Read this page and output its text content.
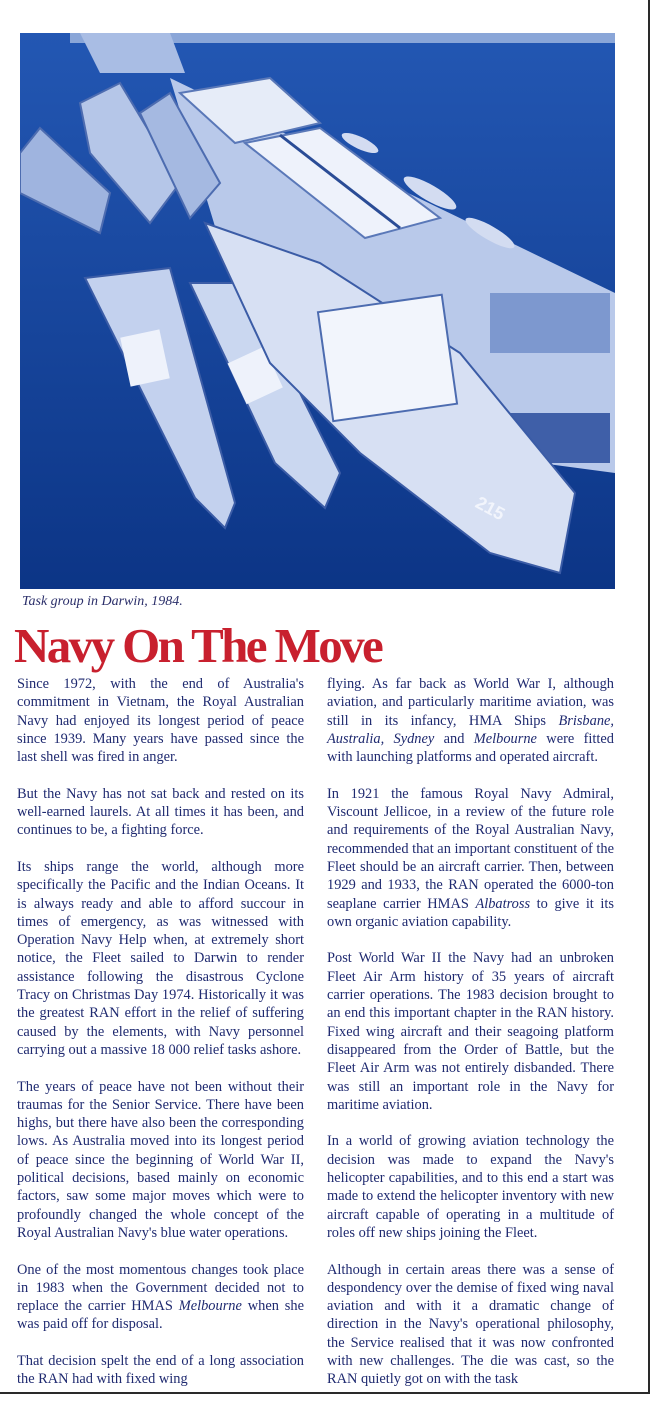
215
Task group in Darwin, 1984.
Navy On The Move

Since 1972, with the end of Australia's commitment in Vietnam, the Royal Australian Navy had enjoyed its longest period of peace since 1939. Many years have passed since the last shell was fired in anger.

But the Navy has not sat back and rested on its well-earned laurels. At all times it has been, and continues to be, a fighting force.

Its ships range the world, although more specifically the Pacific and the Indian Oceans. It is always ready and able to afford succour in times of emergency, as was witnessed with Operation Navy Help when, at extremely short notice, the Fleet sailed to Darwin to render assistance following the disastrous Cyclone Tracy on Christmas Day 1974. Historically it was the greatest RAN effort in the relief of suffering caused by the elements, with Navy personnel carrying out a massive 18 000 relief tasks ashore.

The years of peace have not been without their traumas for the Senior Service. There have been highs, but there have also been the corresponding lows. As Australia moved into its longest period of peace since the beginning of World War II, political decisions, based mainly on economic factors, saw some major moves which were to profoundly changed the whole concept of the Royal Australian Navy's blue water operations.

One of the most momentous changes took place in 1983 when the Government decided not to replace the carrier HMAS Melbourne when she was paid off for disposal.

That decision spelt the end of a long association the RAN had with fixed wing

flying. As far back as World War I, although aviation, and particularly maritime aviation, was still in its infancy, HMA Ships Brisbane, Australia, Sydney and Melbourne were fitted with launching platforms and operated aircraft.

In 1921 the famous Royal Navy Admiral, Viscount Jellicoe, in a review of the future role and requirements of the Royal Australian Navy, recommended that an important constituent of the Fleet should be an aircraft carrier. Then, between 1929 and 1933, the RAN operated the 6000-ton seaplane carrier HMAS Albatross to give it its own organic aviation capability.

Post World War II the Navy had an unbroken Fleet Air Arm history of 35 years of aircraft carrier operations. The 1983 decision brought to an end this important chapter in the RAN history. Fixed wing aircraft and their seagoing platform disappeared from the Order of Battle, but the Fleet Air Arm was not entirely disbanded. There was still an important role in the Navy for maritime aviation.

In a world of growing aviation technology the decision was made to expand the Navy's helicopter capabilities, and to this end a start was made to extend the helicopter inventory with new aircraft capable of operating in a multitude of roles off new ships joining the Fleet.

Although in certain areas there was a sense of despondency over the demise of fixed wing naval aviation and with it a dramatic change of direction in the Navy's operational philosophy, the Service realised that it was now confronted with new challenges. The die was cast, so the RAN quietly got on with the task
